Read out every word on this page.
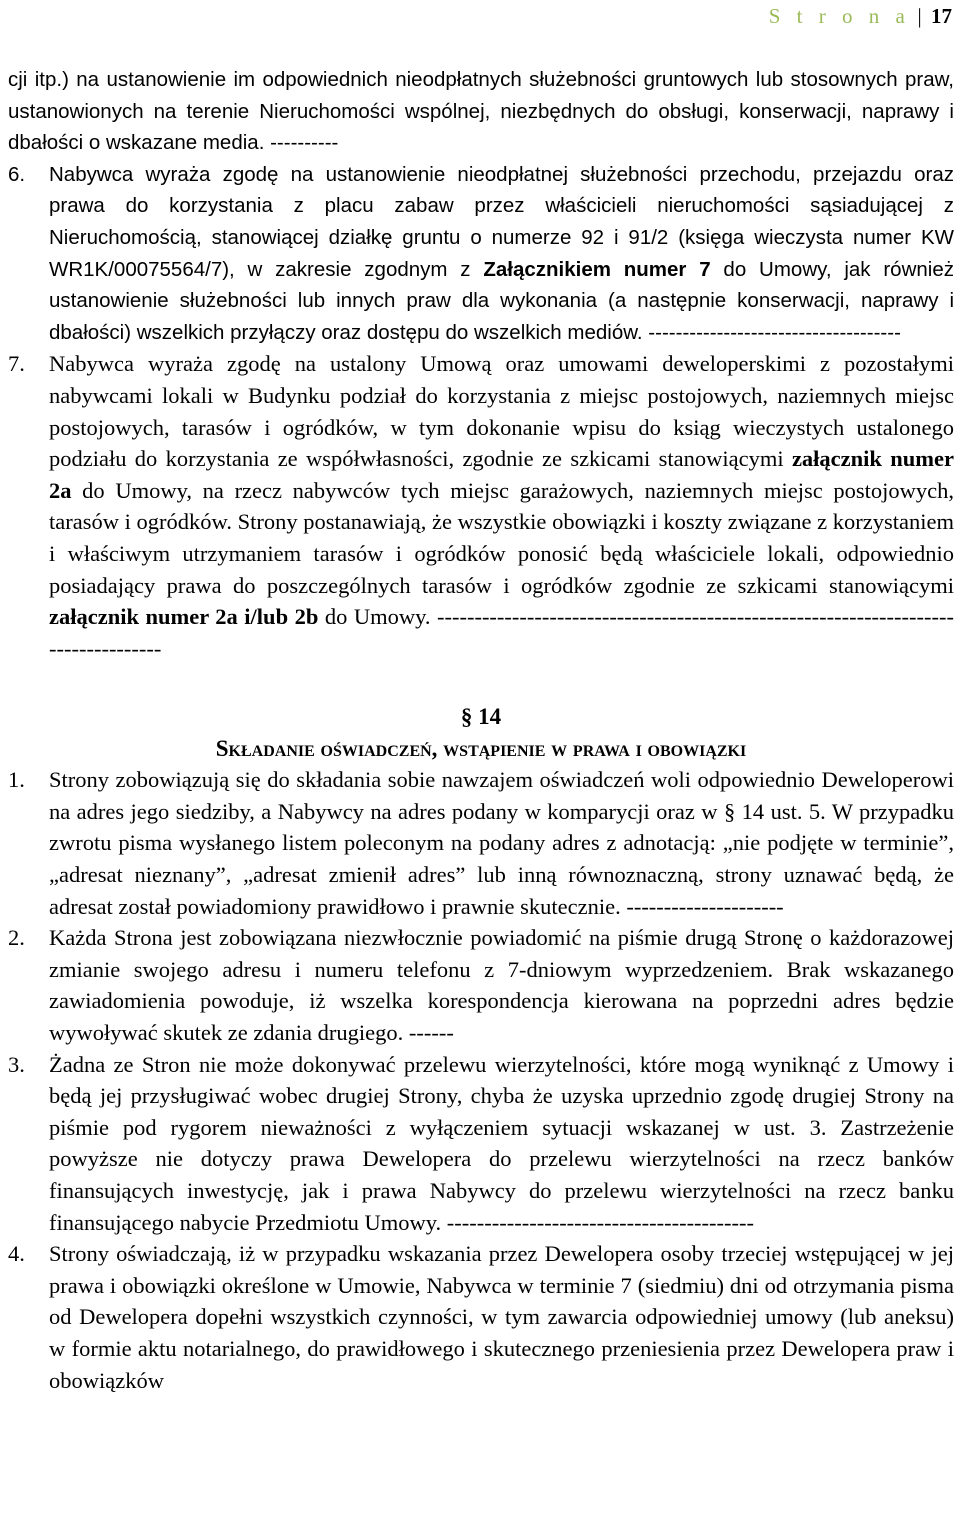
S t r o n a | 17

cji itp.) na ustanowienie im odpowiednich nieodpłatnych służebności gruntowych lub stosownych praw, ustanowionych na terenie Nieruchomości wspólnej, niezbędnych do obsługi, konserwacji, naprawy i dbałości o wskazane media. ----------

6. Nabywca wyraża zgodę na ustanowienie nieodpłatnej służebności przechodu, przejazdu oraz prawa do korzystania z placu zabaw przez właścicieli nieruchomości sąsiadującej z Nieruchomością, stanowiącej działkę gruntu o numerze 92 i 91/2 (księga wieczysta numer KW WR1K/00075564/7), w zakresie zgodnym z Załącznikiem numer 7 do Umowy, jak również ustanowienie służebności lub innych praw dla wykonania (a następnie konserwacji, naprawy i dbałości) wszelkich przyłączy oraz dostępu do wszelkich mediów. -------------------------------------
7. Nabywca wyraża zgodę na ustalony Umową oraz umowami deweloperskimi z pozostałymi nabywcami lokali w Budynku podział do korzystania z miejsc postojowych, naziemnych miejsc postojowych, tarasów i ogródków, w tym dokonanie wpisu do ksiąg wieczystych ustalonego podziału do korzystania ze współwłasności, zgodnie ze szkicami stanowiącymi załącznik numer 2a do Umowy, na rzecz nabywców tych miejsc garażowych, naziemnych miejsc postojowych, tarasów i ogródków. Strony postanawiają, że wszystkie obowiązki i koszty związane z korzystaniem i właściwym utrzymaniem tarasów i ogródków ponosić będą właściciele lokali, odpowiednio posiadający prawa do poszczególnych tarasów i ogródków zgodnie ze szkicami stanowiącymi załącznik numer 2a i/lub 2b do Umowy. ------------------------------------------------------------------------------------
§ 14
Składanie oświadczeń, wstąpienie w prawa i obowiązki
1. Strony zobowiązują się do składania sobie nawzajem oświadczeń woli odpowiednio Deweloperowi na adres jego siedziby, a Nabywcy na adres podany w komparycji oraz w § 14 ust. 5. W przypadku zwrotu pisma wysłanego listem poleconym na podany adres z adnotacją: „nie podjęte w terminie”, „adresat nieznany”, „adresat zmienił adres” lub inną równoznaczną, strony uznawać będą, że adresat został powiadomiony prawidłowo i prawnie skutecznie. ---------------------
2. Każda Strona jest zobowiązana niezwłocznie powiadomić na piśmie drugą Stronę o każdorazowej zmianie swojego adresu i numeru telefonu z 7-dniowym wyprzedzeniem. Brak wskazanego zawiadomienia powoduje, iż wszelka korespondencja kierowana na poprzedni adres będzie wywoływać skutek ze zdania drugiego. ------
3. Żadna ze Stron nie może dokonywać przelewu wierzytelności, które mogą wyniknąć z Umowy i będą jej przysługiwać wobec drugiej Strony, chyba że uzyska uprzednio zgodę drugiej Strony na piśmie pod rygorem nieważności z wyłączeniem sytuacji wskazanej w ust. 3. Zastrzeżenie powyższe nie dotyczy prawa Dewelopera do przelewu wierzytelności na rzecz banków finansujących inwestycję, jak i prawa Nabywcy do przelewu wierzytelności na rzecz banku finansującego nabycie Przedmiotu Umowy. -----------------------------------------
4. Strony oświadczają, iż w przypadku wskazania przez Dewelopera osoby trzeciej wstępującej w jej prawa i obowiązki określone w Umowie, Nabywca w terminie 7 (siedmiu) dni od otrzymania pisma od Dewelopera dopełni wszystkich czynności, w tym zawarcia odpowiedniej umowy (lub aneksu) w formie aktu notarialnego, do prawidłowego i skutecznego przeniesienia przez Dewelopera praw i obowiązków
